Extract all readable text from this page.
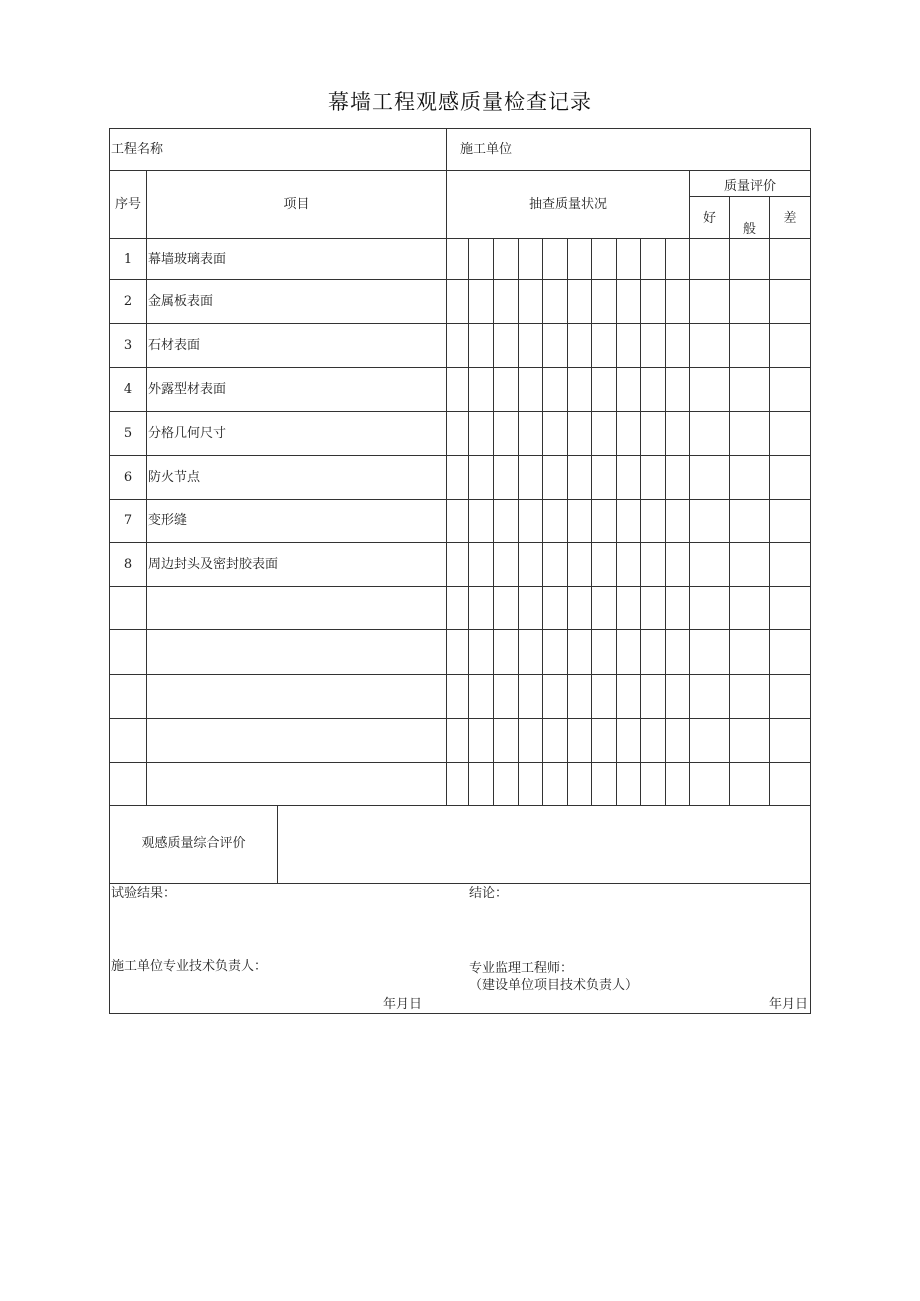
幕墙工程观感质量检查记录
工程名称	施工单位
序号	项目	抽查质量状况
质量评价
好
般
差
1	幕墙玻璃表面
2	金属板表面
3	石材表面
4	外露型材表面
5	分格几何尺寸
6	防火节点
7	变形缝
8	周边封头及密封胶表面
观感质量综合评价
试验结果：	结论：
施工单位专业技术负责人：	专业监理工程师：
（建设单位项目技术负责人）
年月日	年月日
